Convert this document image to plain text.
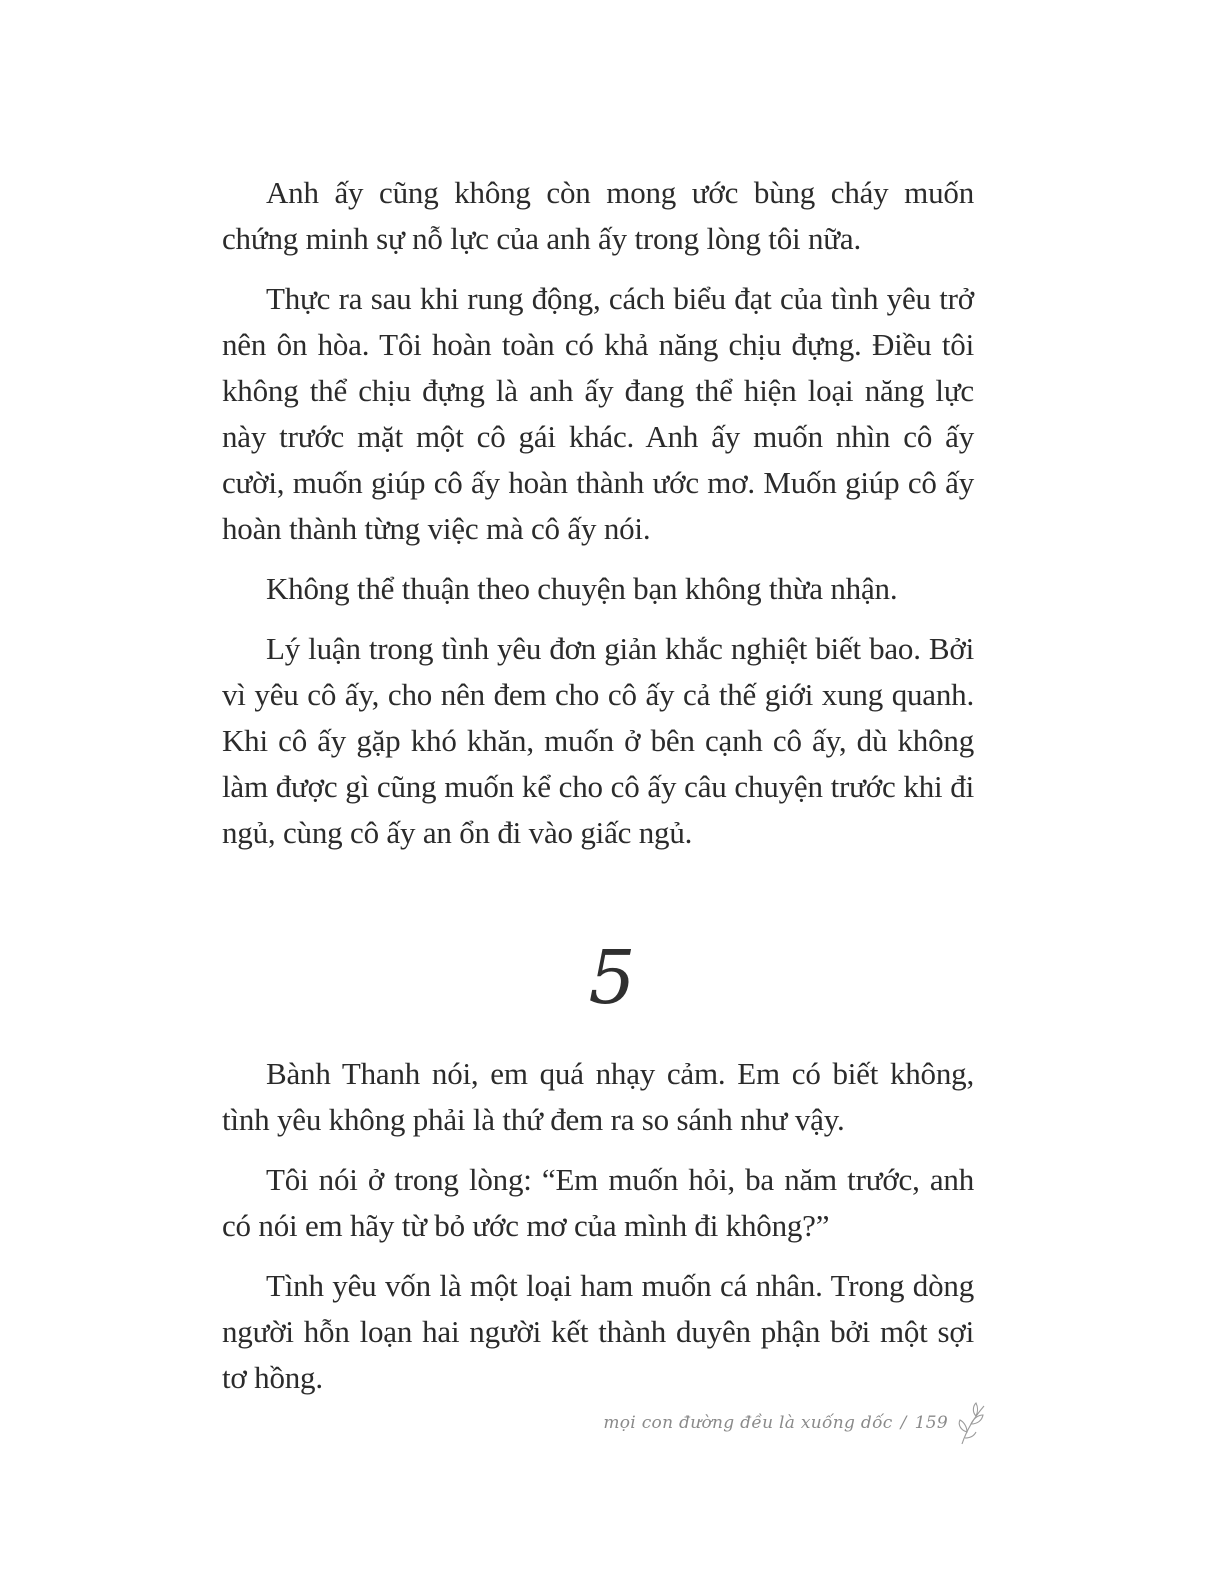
Anh ấy cũng không còn mong ước bùng cháy muốn chứng minh sự nỗ lực của anh ấy trong lòng tôi nữa.

Thực ra sau khi rung động, cách biểu đạt của tình yêu trở nên ôn hòa. Tôi hoàn toàn có khả năng chịu đựng. Điều tôi không thể chịu đựng là anh ấy đang thể hiện loại năng lực này trước mặt một cô gái khác. Anh ấy muốn nhìn cô ấy cười, muốn giúp cô ấy hoàn thành ước mơ. Muốn giúp cô ấy hoàn thành từng việc mà cô ấy nói.

Không thể thuận theo chuyện bạn không thừa nhận.

Lý luận trong tình yêu đơn giản khắc nghiệt biết bao. Bởi vì yêu cô ấy, cho nên đem cho cô ấy cả thế giới xung quanh. Khi cô ấy gặp khó khăn, muốn ở bên cạnh cô ấy, dù không làm được gì cũng muốn kể cho cô ấy câu chuyện trước khi đi ngủ, cùng cô ấy an ổn đi vào giấc ngủ.

5

Bành Thanh nói, em quá nhạy cảm. Em có biết không, tình yêu không phải là thứ đem ra so sánh như vậy.

Tôi nói ở trong lòng: “Em muốn hỏi, ba năm trước, anh có nói em hãy từ bỏ ước mơ của mình đi không?”

Tình yêu vốn là một loại ham muốn cá nhân. Trong dòng người hỗn loạn hai người kết thành duyên phận bởi một sợi tơ hồng.

mọi con đường đều là xuống dốc / 159
